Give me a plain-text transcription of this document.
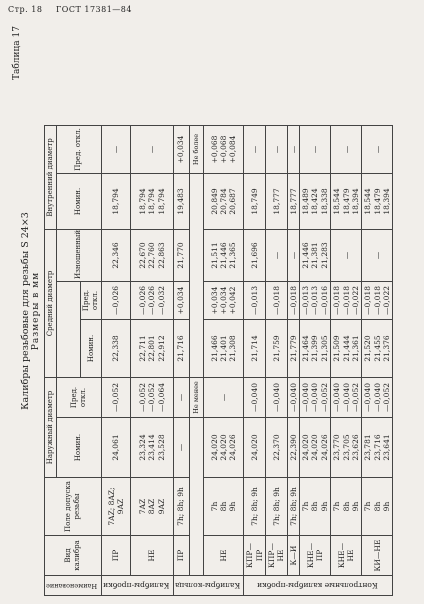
Стр. 18 ГОСТ 17381—84
Таблица 17
Калибры резьбовые для резьбы S 24×3 Размеры в мм
Наименование	Вид калибра	Поле допуска резьбы	Наружный диаметр		Средний диаметр			Внутренний диаметр		
			Номин.	Пред. откл.			Изношенный	Номин.	Пред. откл.	
					Номин.	Пред. откл.				
Калибры-пробки	ПР	7AZ; 8AZ; 9AZ	24,061	—0,052	22,338	—0,026	22,346	18,794	—	
	НЕ	7AZ
8AZ
9AZ	23,324
23,414
23,528	—0,052
—0,052
—0,064	22,711
22,801
22,912	—0,026
—0,026
—0,032	22,670
22,760
22,863	18,794
18,794
18,794	—	
Калибры-кольца	ПР	7h; 8h; 9h	—	—	21,716	+0,034	21,770	19,483	+0,034	
				Не менее					Не более	
	НЕ	7h
8h
9h	24,020
24,020
24,026	—	21,466
21,401
21,308	+0,034
+0,034
+0,042	21,511
21,446
21,365	20,849
20,784
20,687	+0,068
+0,068
+0,084	
Контрольные калибры-пробки	КПР—ПР	7h; 8h; 9h	24,020	—0,040	21,714	—0,013	21,696	18,749	—	
	КПР—НЕ	7h; 8h; 9h	22,370	—0,040	21,759	—0,018	—	18,777	—	
	К—И	7h; 8h; 9h	22,390	—0,040	21,779	—0,018	—	18,777	—	
	КНЕ—ПР	7h
8h
9h	24,020
24,020
24,026	—0,040
—0,040
—0,052	21,464
21,399
21,305	—0,013
—0,013
—0,016	21,446
21,381
21,283	18,489
18,424
18,338	—	
	КНЕ—НЕ	7h
8h
9h	23,770
23,705
23,626	—0,040
—0,040
—0,052	21,509
21,444
21,361	—0,018
—0,018
—0,022	—	18,544
18,479
18,394	—	
	КИ—НЕ	7h
8h
9h	23,781
23,716
23,641	—0,040
—0,040
—0,052	21,520
21,455
21,376	—0,018
—0,018
—0,022	—	18,544
18,479
18,394	—	
